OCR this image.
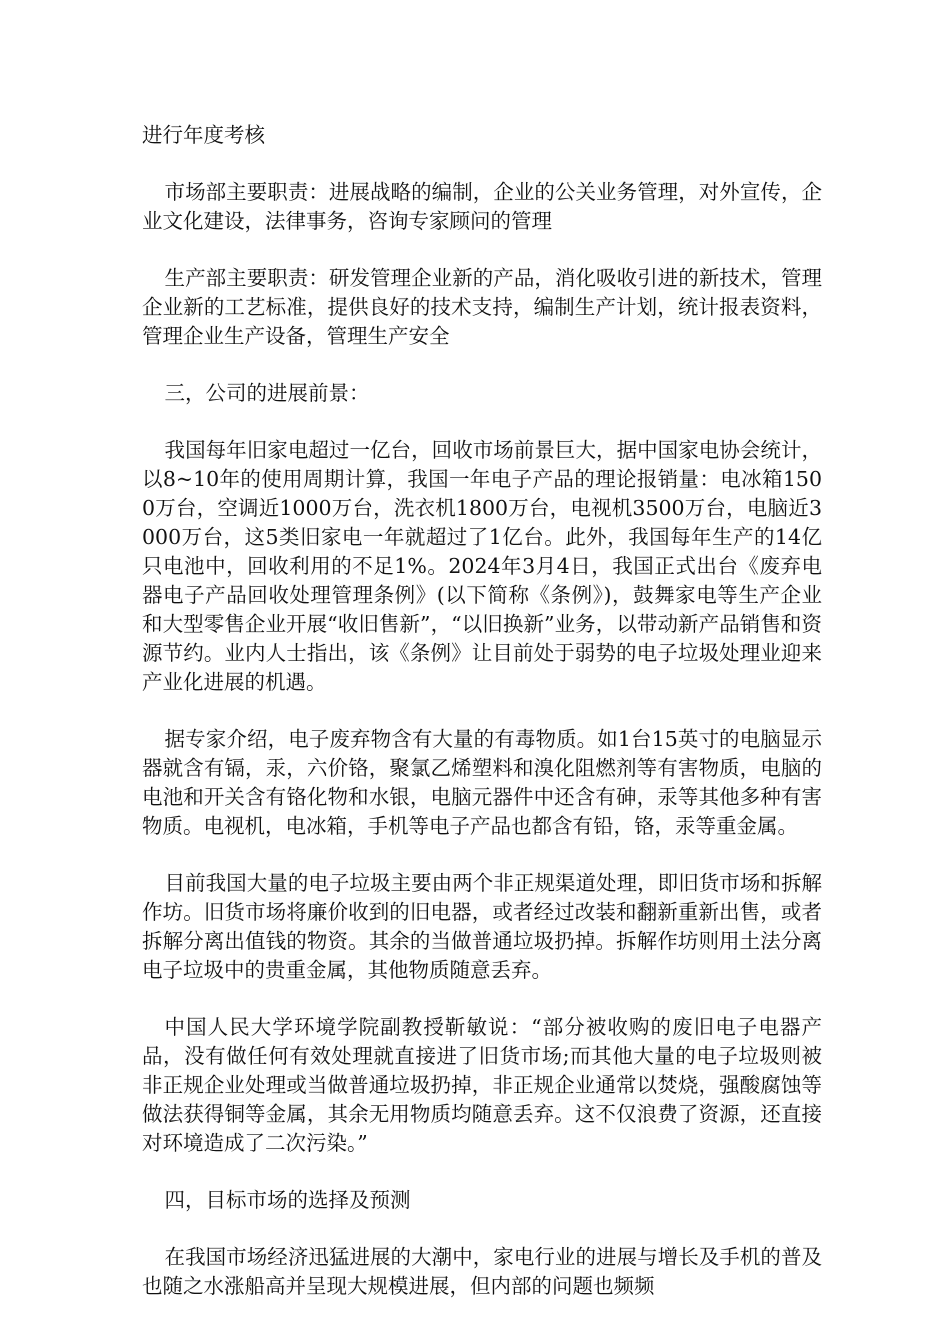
进行年度考核

市场部主要职责：进展战略的编制，企业的公关业务管理，对外宣传，企业文化建设，法律事务，咨询专家顾问的管理

生产部主要职责：研发管理企业新的产品，消化吸收引进的新技术，管理企业新的工艺标准，提供良好的技术支持，编制生产计划，统计报表资料，管理企业生产设备，管理生产安全

三，公司的进展前景：

我国每年旧家电超过一亿台，回收市场前景巨大，据中国家电协会统计，以8~10年的使用周期计算，我国一年电子产品的理论报销量：电冰箱1500万台，空调近1000万台，洗衣机1800万台，电视机3500万台，电脑近3000万台，这5类旧家电一年就超过了1亿台。此外，我国每年生产的14亿只电池中，回收利用的不足1%。2024年3月4日，我国正式出台《废弃电器电子产品回收处理管理条例》(以下简称《条例》)，鼓舞家电等生产企业和大型零售企业开展“收旧售新”，“以旧换新”业务，以带动新产品销售和资源节约。业内人士指出，该《条例》让目前处于弱势的电子垃圾处理业迎来产业化进展的机遇。

据专家介绍，电子废弃物含有大量的有毒物质。如1台15英寸的电脑显示器就含有镉，汞，六价铬，聚氯乙烯塑料和溴化阻燃剂等有害物质，电脑的电池和开关含有铬化物和水银，电脑元器件中还含有砷，汞等其他多种有害物质。电视机，电冰箱，手机等电子产品也都含有铅，铬，汞等重金属。

目前我国大量的电子垃圾主要由两个非正规渠道处理，即旧货市场和拆解作坊。旧货市场将廉价收到的旧电器，或者经过改装和翻新重新出售，或者拆解分离出值钱的物资。其余的当做普通垃圾扔掉。拆解作坊则用土法分离电子垃圾中的贵重金属，其他物质随意丢弃。

中国人民大学环境学院副教授靳敏说：“部分被收购的废旧电子电器产品，没有做任何有效处理就直接进了旧货市场;而其他大量的电子垃圾则被非正规企业处理或当做普通垃圾扔掉，非正规企业通常以焚烧，强酸腐蚀等做法获得铜等金属，其余无用物质均随意丢弃。这不仅浪费了资源，还直接对环境造成了二次污染。”

四，目标市场的选择及预测

在我国市场经济迅猛进展的大潮中，家电行业的进展与增长及手机的普及也随之水涨船高并呈现大规模进展，但内部的问题也频频
